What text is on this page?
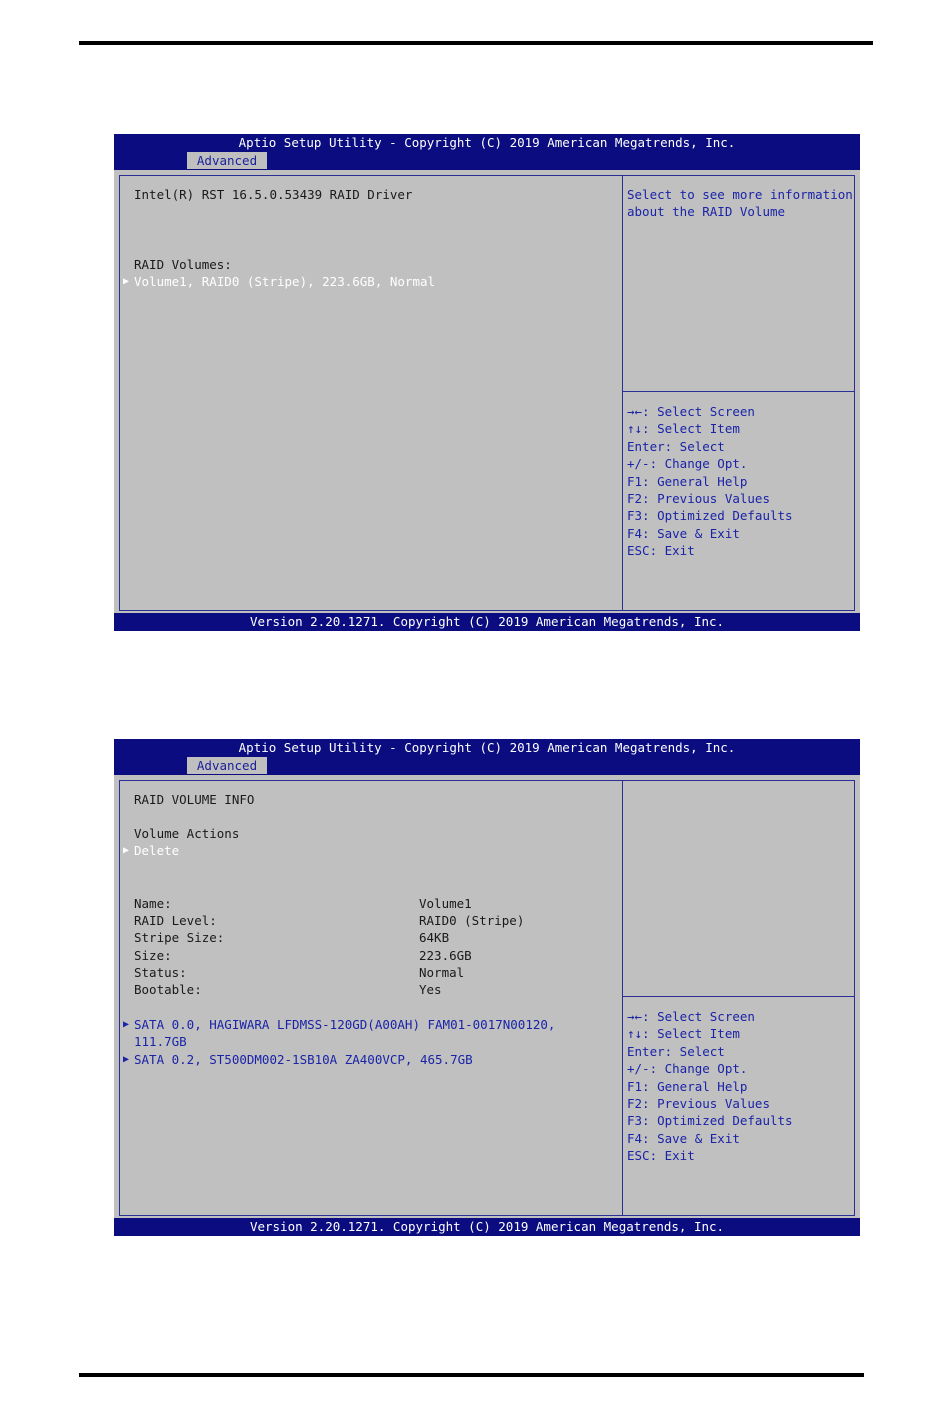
Aptio Setup Utility - Copyright (C) 2019 American Megatrends, Inc.
Advanced
Intel(R) RST 16.5.0.53439 RAID Driver
RAID Volumes:
▶ Volume1, RAID0 (Stripe), 223.6GB, Normal
Select to see more information
about the RAID Volume
→←: Select Screen
↑↓: Select Item
Enter: Select
+/-: Change Opt.
F1: General Help
F2: Previous Values
F3: Optimized Defaults
F4: Save & Exit
ESC: Exit
Version 2.20.1271. Copyright (C) 2019 American Megatrends, Inc.
Aptio Setup Utility - Copyright (C) 2019 American Megatrends, Inc.
Advanced
RAID VOLUME INFO
Volume Actions
▶ Delete
Name:	Volume1
RAID Level:	RAID0 (Stripe)
Stripe Size:	64KB
Size:	223.6GB
Status:	Normal
Bootable:	Yes
▶ SATA 0.0, HAGIWARA LFDMSS-120GD(A00AH) FAM01-0017N00120,
111.7GB
▶ SATA 0.2, ST500DM002-1SB10A ZA400VCP, 465.7GB
→←: Select Screen
↑↓: Select Item
Enter: Select
+/-: Change Opt.
F1: General Help
F2: Previous Values
F3: Optimized Defaults
F4: Save & Exit
ESC: Exit
Version 2.20.1271. Copyright (C) 2019 American Megatrends, Inc.
